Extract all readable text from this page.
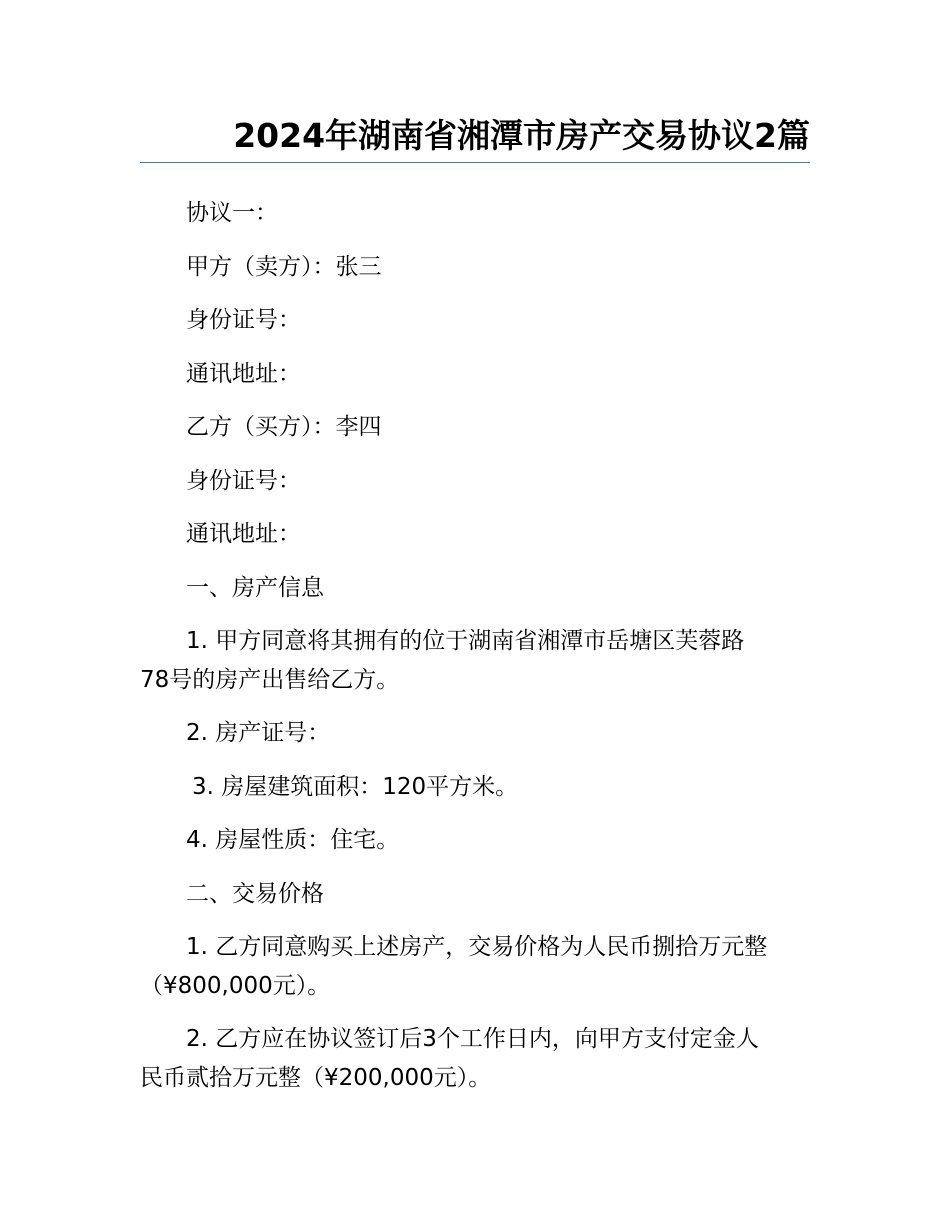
2024年湖南省湘潭市房产交易协议2篇
协议一：
甲方（卖方）：张三
身份证号：
通讯地址：
乙方（买方）：李四
身份证号：
通讯地址：
一、房产信息
1. 甲方同意将其拥有的位于湖南省湘潭市岳塘区芙蓉路
78号的房产出售给乙方。
2. 房产证号：
3. 房屋建筑面积：120平方米。
4. 房屋性质：住宅。
二、交易价格
1. 乙方同意购买上述房产，交易价格为人民币捌拾万元整
（¥800,000元）。
2. 乙方应在协议签订后3个工作日内，向甲方支付定金人
民币贰拾万元整（¥200,000元）。
